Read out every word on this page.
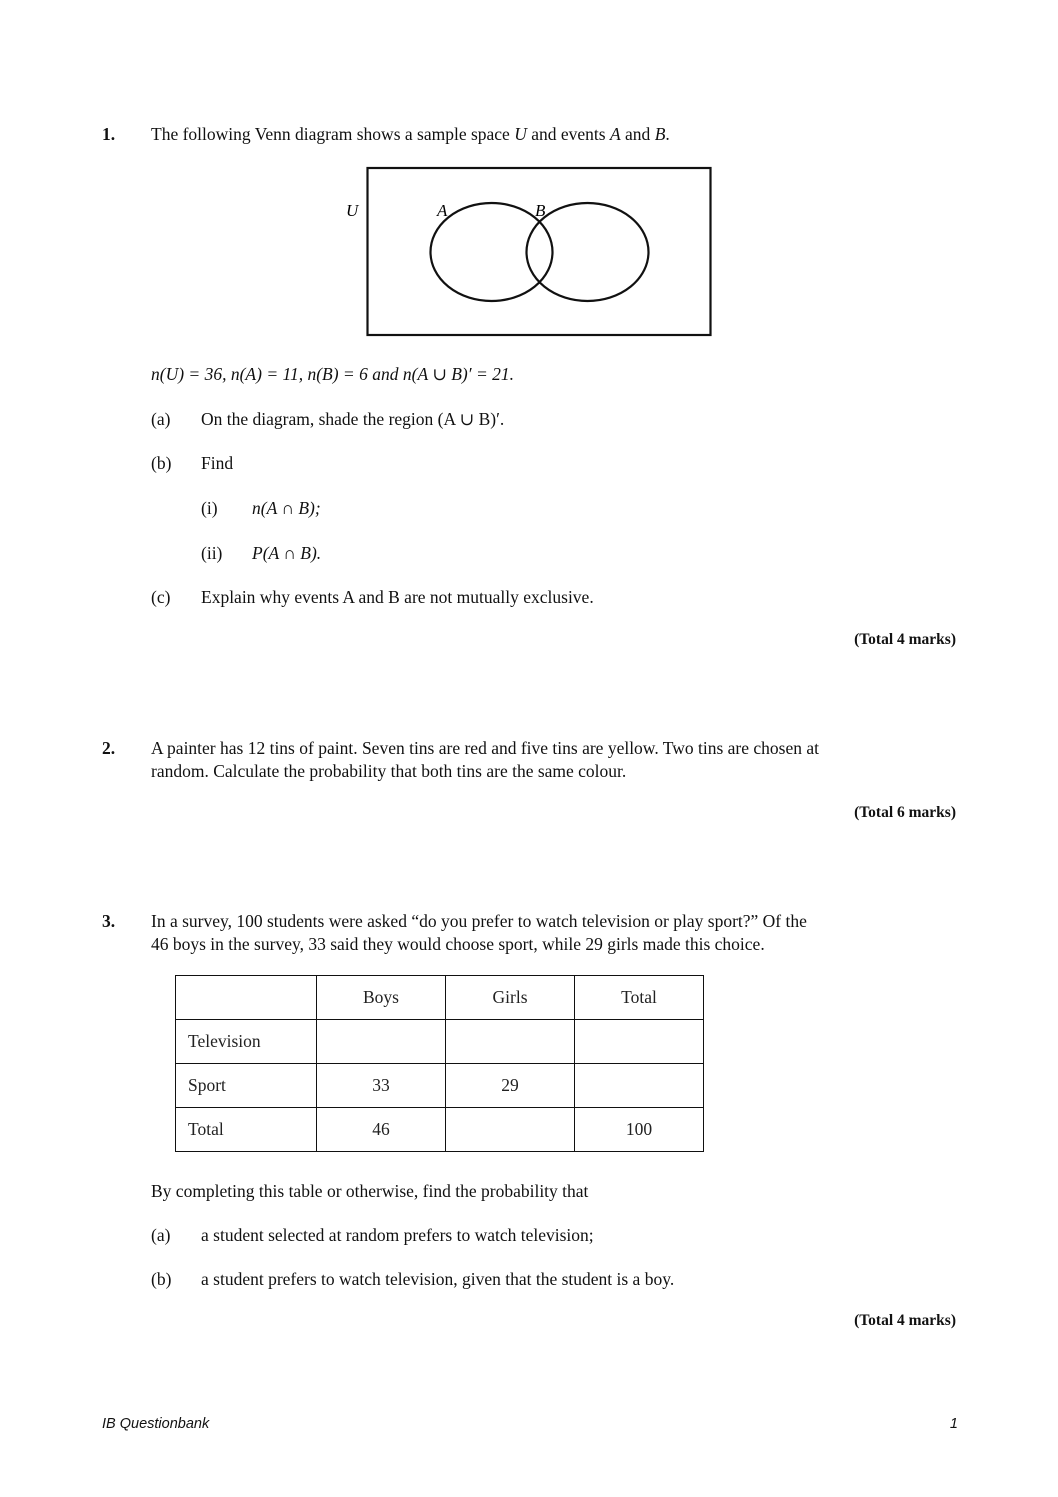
1. The following Venn diagram shows a sample space U and events A and B.
U	A	B
n(U) = 36, n(A) = 11, n(B) = 6 and n(A ∪ B)′ = 21.
(a) On the diagram, shade the region (A ∪ B)′.
(b) Find
(i) n(A ∩ B);
(ii) P(A ∩ B).
(c) Explain why events A and B are not mutually exclusive.
(Total 4 marks)
2. A painter has 12 tins of paint. Seven tins are red and five tins are yellow. Two tins are chosen at
random. Calculate the probability that both tins are the same colour.
(Total 6 marks)
3. In a survey, 100 students were asked “do you prefer to watch television or play sport?” Of the
46 boys in the survey, 33 said they would choose sport, while 29 girls made this choice.
	Boys	Girls	Total
Television			
Sport	33	29	
Total	46		100
By completing this table or otherwise, find the probability that
(a) a student selected at random prefers to watch television;
(b) a student prefers to watch television, given that the student is a boy.
(Total 4 marks)
IB Questionbank	1
